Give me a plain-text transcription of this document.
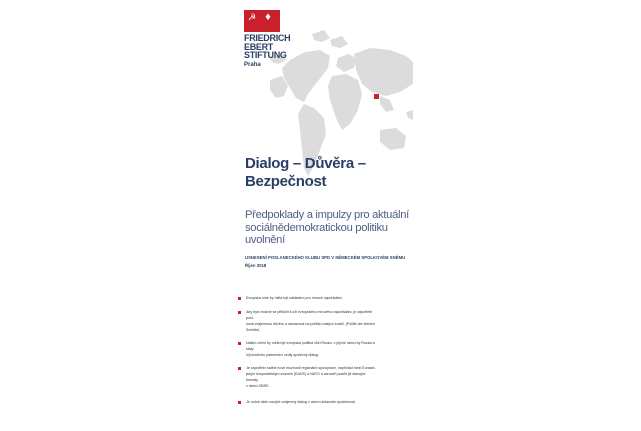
☭ ♦
FRIEDRICH
EBERT
STIFTUNG
Praha
Dialog – Důvěra –
Bezpečnost
Předpoklady a impulzy pro aktuální
sociálnědemokratickou politiku uvolnění
USNESENÍ POSLANECKÉHO KLUBU SPD V NĚMECKÉM SPOLKOVÉM SNĚMU
Říjen 2018
Evropská unie by měla být základem pro mírové uspořádání.
Aby bylo možné se přiblížit k cíli evropského mírového uspořádání, je zapotřebí posí-
lovat vzájemnou důvěru a navazovat na politiku malých kroků. (Politik der kleinen
Schritte).
Naším cílem by měla být evropská politika vůči Rusku, v jejímž rámci by Ruska a státy
Východního partnerství vedly společný dialog.
Je zapotřebí nalézt nové možnosti regionální spolupráce, například mezi Eurasie-
jským hospodářským svazem (EAHS) a NATO a zároveň posílit již stávající formáty
v rámci OBSE.
Je nutné dále rozvíjet vzájemný dialog v rámci občanské společnosti.
